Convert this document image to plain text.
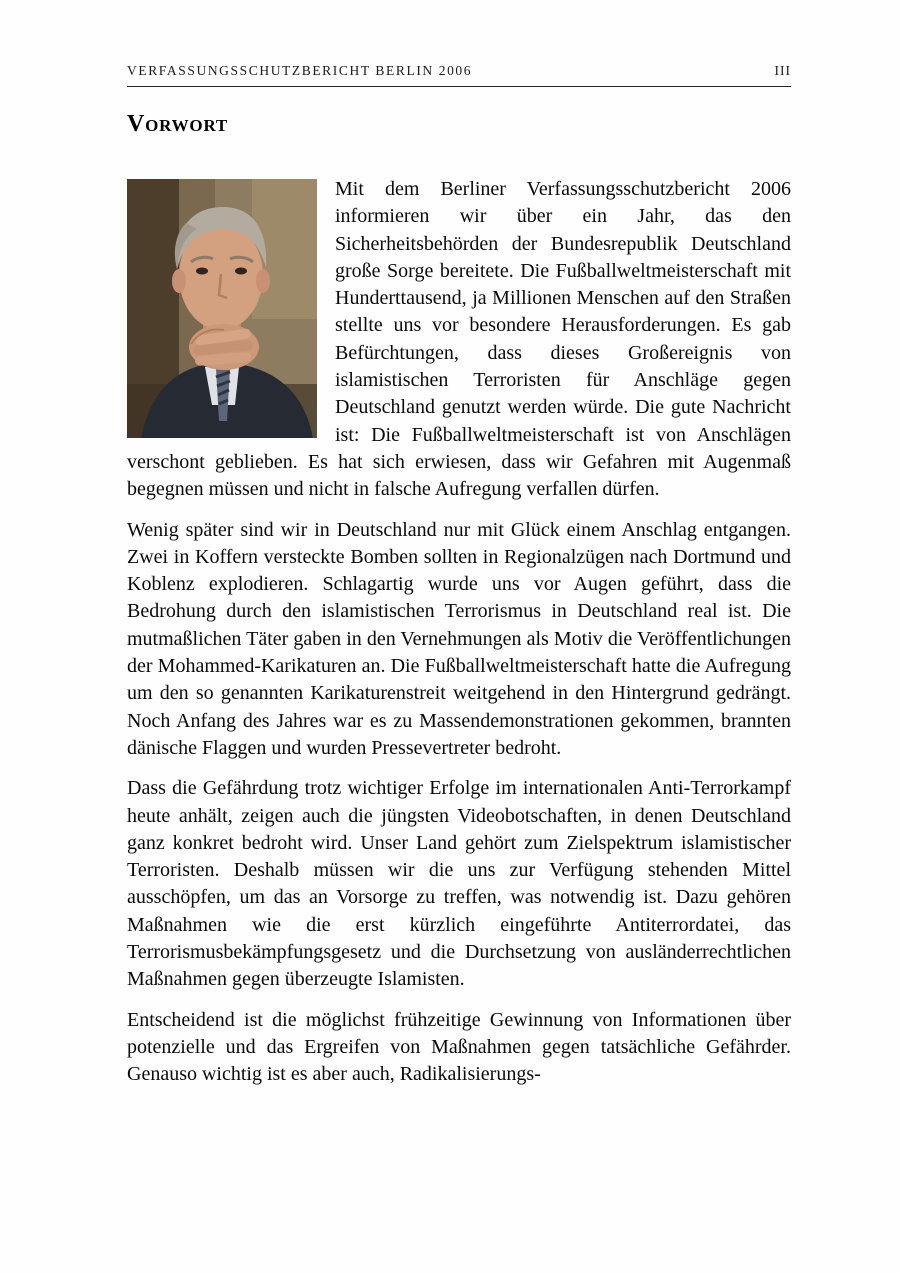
VERFASSUNGSSCHUTZBERICHT BERLIN 2006	III
Vorwort

Mit dem Berliner Verfassungsschutzbericht 2006 informieren wir über ein Jahr, das den Sicherheitsbehörden der Bundesrepublik Deutschland große Sorge bereitete. Die Fußballweltmeisterschaft mit Hunderttausend, ja Millionen Menschen auf den Straßen stellte uns vor besondere Herausforderungen. Es gab Befürchtungen, dass dieses Großereignis von islamistischen Terroristen für Anschläge gegen Deutschland genutzt werden würde. Die gute Nachricht ist: Die Fußballweltmeisterschaft ist von Anschlägen verschont geblieben. Es hat sich erwiesen, dass wir Gefahren mit Augenmaß begegnen müssen und nicht in falsche Aufregung verfallen dürfen.

Wenig später sind wir in Deutschland nur mit Glück einem Anschlag entgangen. Zwei in Koffern versteckte Bomben sollten in Regionalzügen nach Dortmund und Koblenz explodieren. Schlagartig wurde uns vor Augen geführt, dass die Bedrohung durch den islamistischen Terrorismus in Deutschland real ist. Die mutmaßlichen Täter gaben in den Vernehmungen als Motiv die Veröffentlichungen der Mohammed-Karikaturen an. Die Fußballweltmeisterschaft hatte die Aufregung um den so genannten Karikaturenstreit weitgehend in den Hintergrund gedrängt. Noch Anfang des Jahres war es zu Massendemonstrationen gekommen, brannten dänische Flaggen und wurden Pressevertreter bedroht.

Dass die Gefährdung trotz wichtiger Erfolge im internationalen Anti-Terrorkampf heute anhält, zeigen auch die jüngsten Videobotschaften, in denen Deutschland ganz konkret bedroht wird. Unser Land gehört zum Zielspektrum islamistischer Terroristen. Deshalb müssen wir die uns zur Verfügung stehenden Mittel ausschöpfen, um das an Vorsorge zu treffen, was notwendig ist. Dazu gehören Maßnahmen wie die erst kürzlich eingeführte Antiterrordatei, das Terrorismusbekämpfungsgesetz und die Durchsetzung von ausländerrechtlichen Maßnahmen gegen überzeugte Islamisten.

Entscheidend ist die möglichst frühzeitige Gewinnung von Informationen über potenzielle und das Ergreifen von Maßnahmen gegen tatsächliche Gefährder. Genauso wichtig ist es aber auch, Radikalisierungs-
